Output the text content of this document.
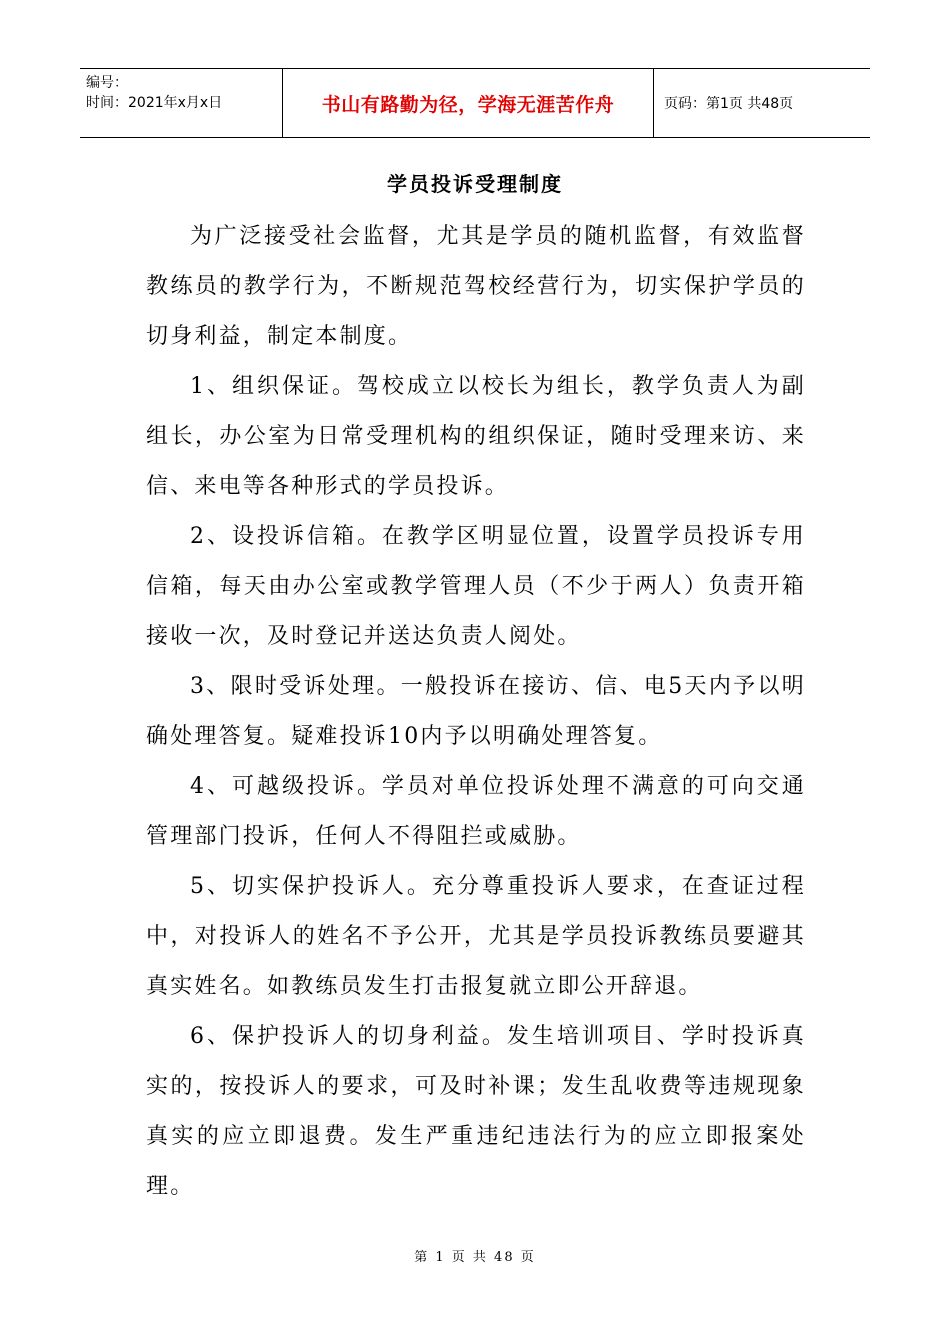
编号：
时间：2021年x月x日	书山有路勤为径，学海无涯苦作舟	页码：第1页 共48页
学员投诉受理制度

为广泛接受社会监督，尤其是学员的随机监督，有效监督教练员的教学行为，不断规范驾校经营行为，切实保护学员的切身利益，制定本制度。

1、组织保证。驾校成立以校长为组长，教学负责人为副组长，办公室为日常受理机构的组织保证，随时受理来访、来信、来电等各种形式的学员投诉。

2、设投诉信箱。在教学区明显位置，设置学员投诉专用信箱，每天由办公室或教学管理人员（不少于两人）负责开箱接收一次，及时登记并送达负责人阅处。

3、限时受诉处理。一般投诉在接访、信、电5天内予以明确处理答复。疑难投诉10内予以明确处理答复。

4、可越级投诉。学员对单位投诉处理不满意的可向交通管理部门投诉，任何人不得阻拦或威胁。

5、切实保护投诉人。充分尊重投诉人要求，在查证过程中，对投诉人的姓名不予公开，尤其是学员投诉教练员要避其真实姓名。如教练员发生打击报复就立即公开辞退。

6、保护投诉人的切身利益。发生培训项目、学时投诉真实的，按投诉人的要求，可及时补课；发生乱收费等违规现象真实的应立即退费。发生严重违纪违法行为的应立即报案处理。

第 1 页 共 48 页
